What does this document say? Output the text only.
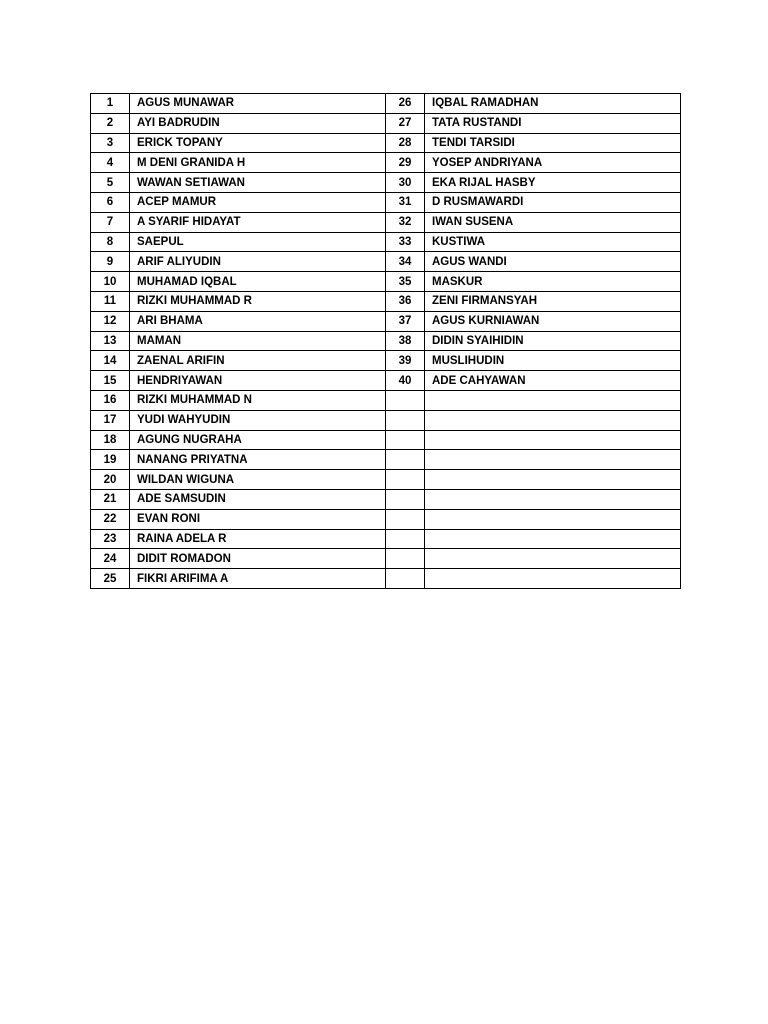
1	AGUS MUNAWAR	26	IQBAL RAMADHAN
2	AYI BADRUDIN	27	TATA RUSTANDI
3	ERICK TOPANY	28	TENDI TARSIDI
4	M DENI GRANIDA H	29	YOSEP ANDRIYANA
5	WAWAN SETIAWAN	30	EKA RIJAL HASBY
6	ACEP MAMUR	31	D RUSMAWARDI
7	A SYARIF HIDAYAT	32	IWAN SUSENA
8	SAEPUL	33	KUSTIWA
9	ARIF ALIYUDIN	34	AGUS WANDI
10	MUHAMAD IQBAL	35	MASKUR
11	RIZKI MUHAMMAD R	36	ZENI FIRMANSYAH
12	ARI BHAMA	37	AGUS KURNIAWAN
13	MAMAN	38	DIDIN SYAIHIDIN
14	ZAENAL ARIFIN	39	MUSLIHUDIN
15	HENDRIYAWAN	40	ADE CAHYAWAN
16	RIZKI MUHAMMAD N		
17	YUDI WAHYUDIN		
18	AGUNG NUGRAHA		
19	NANANG PRIYATNA		
20	WILDAN WIGUNA		
21	ADE SAMSUDIN		
22	EVAN RONI		
23	RAINA ADELA R		
24	DIDIT ROMADON		
25	FIKRI ARIFIMA A		
